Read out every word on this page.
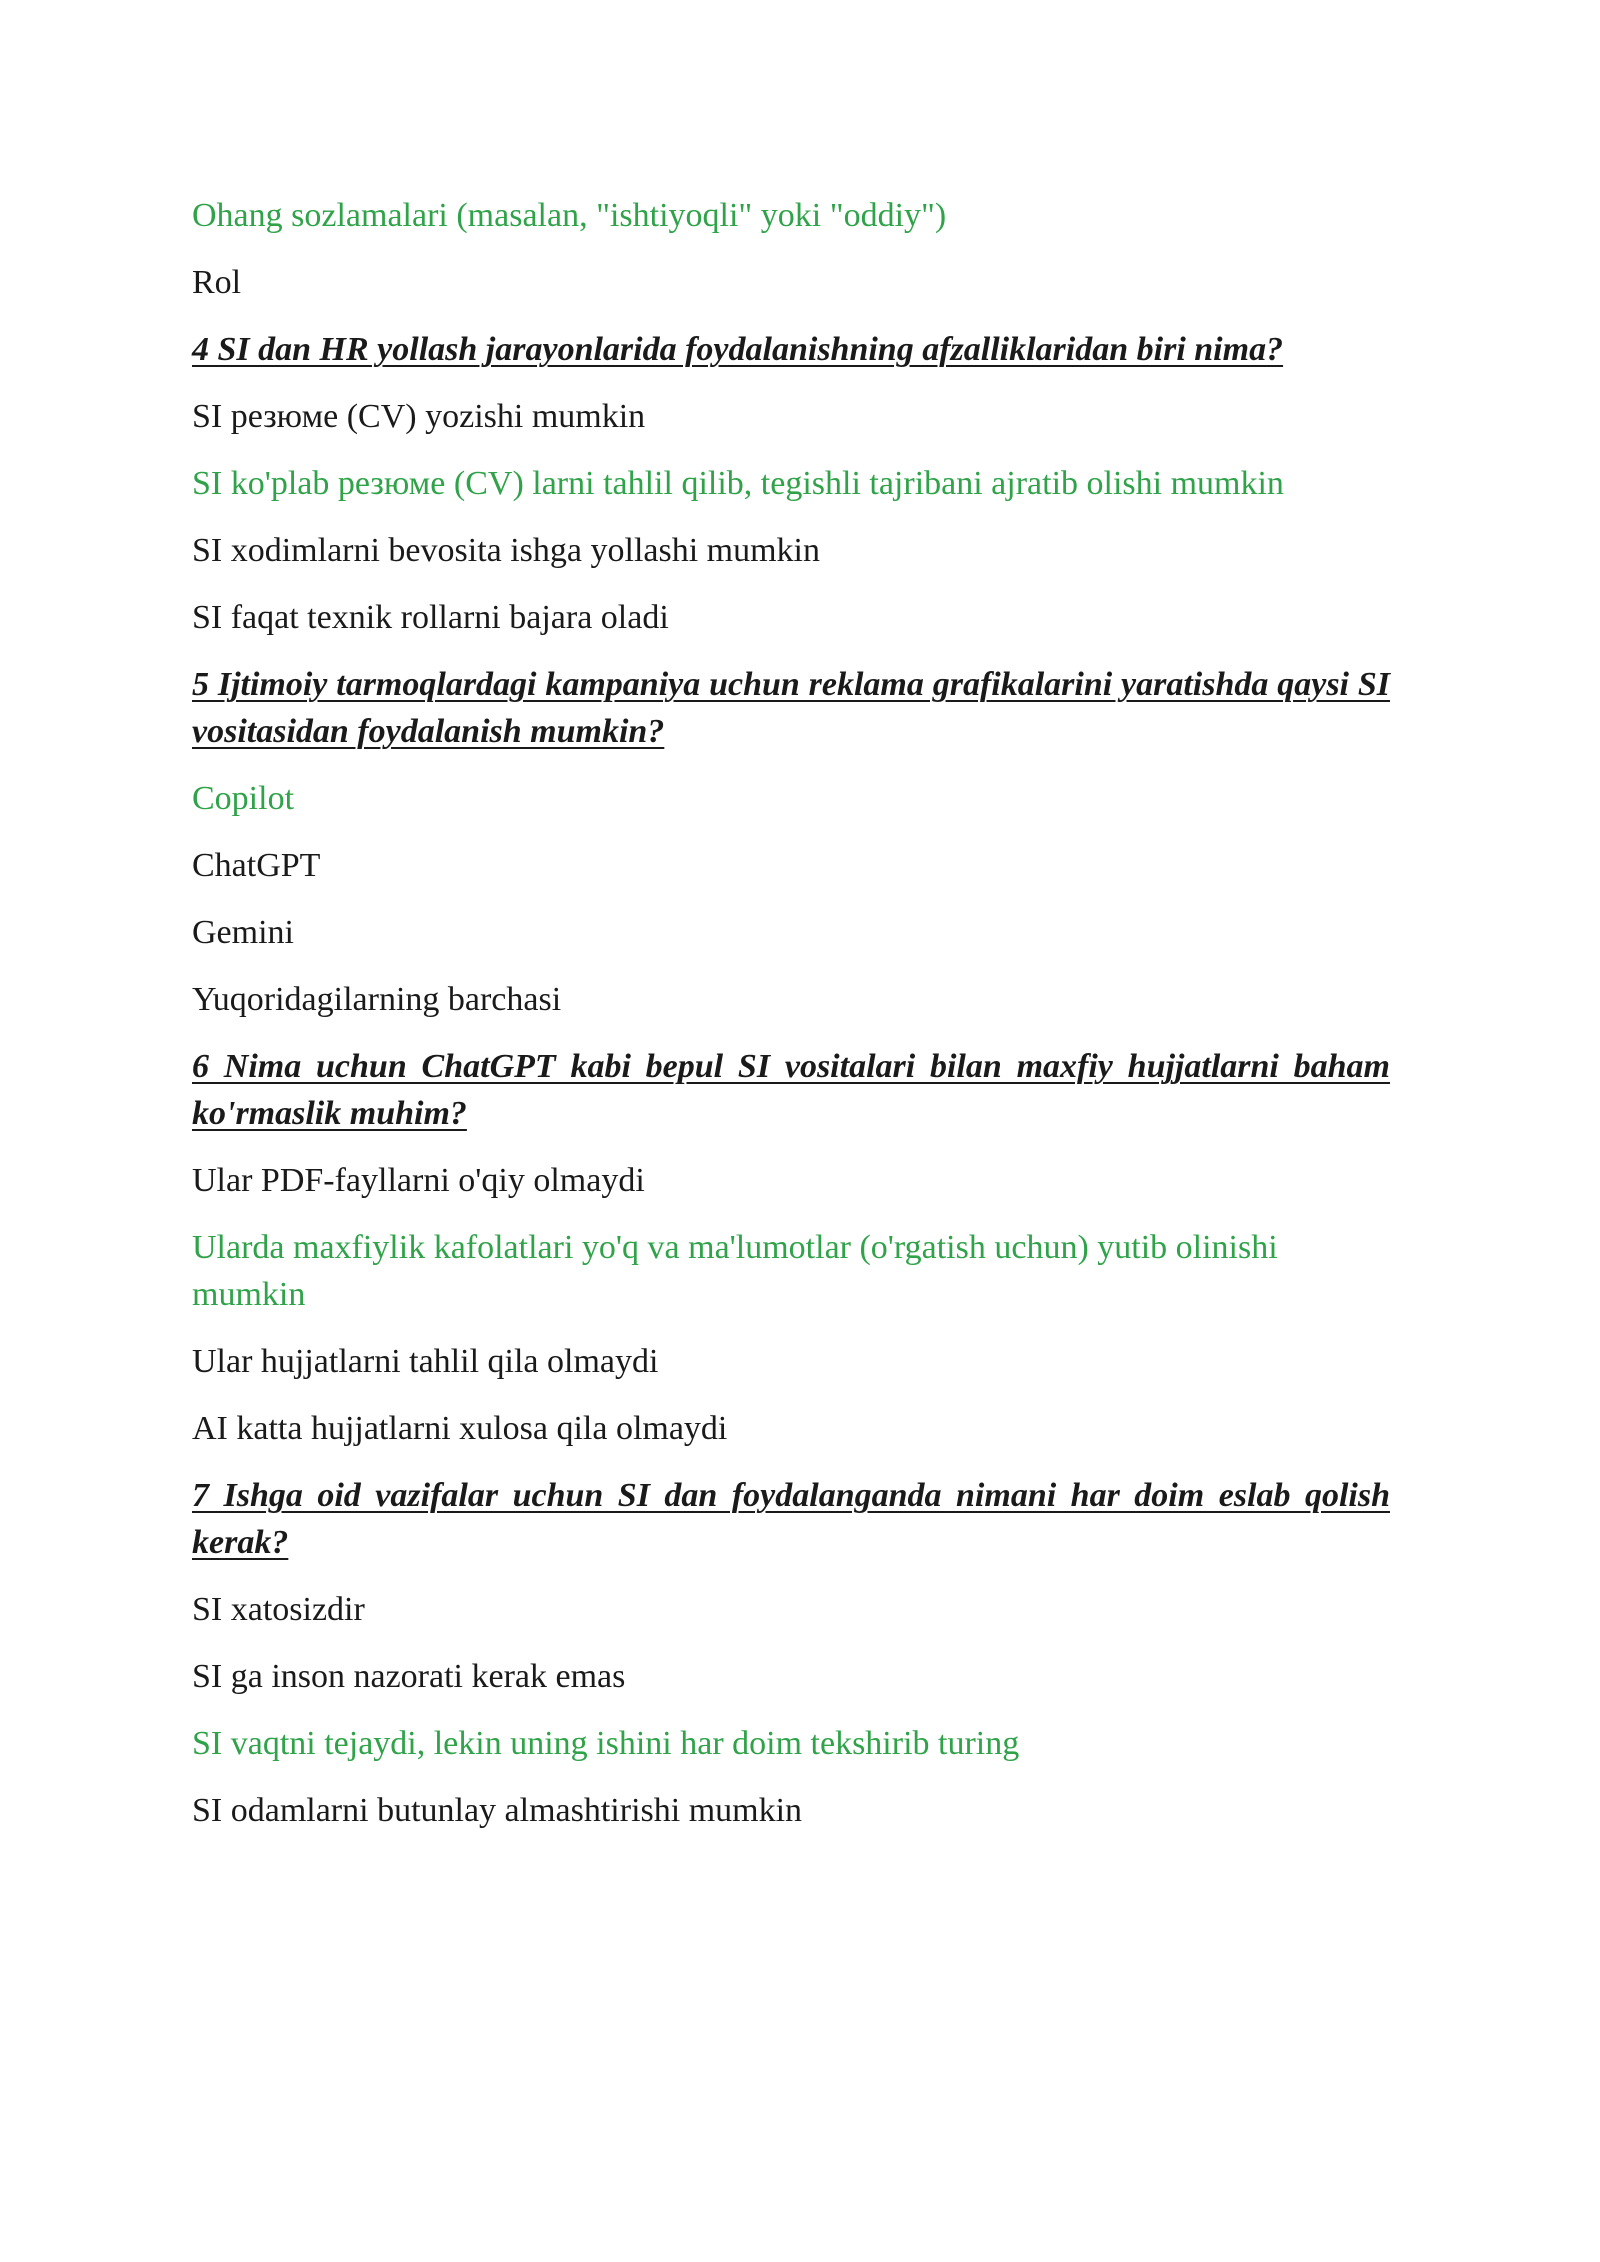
Ohang sozlamalari (masalan, "ishtiyoqli" yoki "oddiy")

Rol

4 SI dan HR yollash jarayonlarida foydalanishning afzalliklaridan biri nima?

SI резюме (CV) yozishi mumkin

SI ko'plab резюме (CV) larni tahlil qilib, tegishli tajribani ajratib olishi mumkin

SI xodimlarni bevosita ishga yollashi mumkin

SI faqat texnik rollarni bajara oladi

5 Ijtimoiy tarmoqlardagi kampaniya uchun reklama grafikalarini yaratishda qaysi SI vositasidan foydalanish mumkin?

Copilot

ChatGPT

Gemini

Yuqoridagilarning barchasi

6 Nima uchun ChatGPT kabi bepul SI vositalari bilan maxfiy hujjatlarni baham ko'rmaslik muhim?

Ular PDF-fayllarni o'qiy olmaydi

Ularda maxfiylik kafolatlari yo'q va ma'lumotlar (o'rgatish uchun) yutib olinishi mumkin

Ular hujjatlarni tahlil qila olmaydi

AI katta hujjatlarni xulosa qila olmaydi

7 Ishga oid vazifalar uchun SI dan foydalanganda nimani har doim eslab qolish kerak?

SI xatosizdir

SI ga inson nazorati kerak emas

SI vaqtni tejaydi, lekin uning ishini har doim tekshirib turing

SI odamlarni butunlay almashtirishi mumkin
